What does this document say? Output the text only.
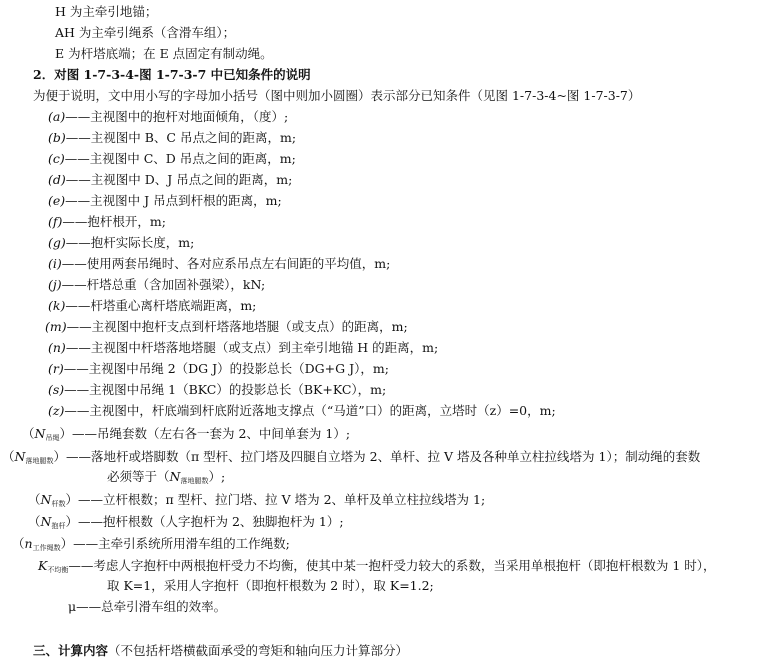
H 为主牵引地锚；
AH 为主牵引绳系（含滑车组）；
E 为杆塔底端；在 E 点固定有制动绳。
2．对图 1-7-3-4-图 1-7-3-7 中已知条件的说明
为便于说明，文中用小写的字母加小括号（图中则加小圆圈）表示部分已知条件（见图 1-7-3-4~图 1-7-3-7）
(a)——主视图中的抱杆对地面倾角，（度）;
(b)——主视图中 B、C 吊点之间的距离，m;
(c)——主视图中 C、D 吊点之间的距离，m;
(d)——主视图中 D、J 吊点之间的距离，m;
(e)——主视图中 J 吊点到杆根的距离，m;
(f)——抱杆根开，m;
(g)——抱杆实际长度，m;
(i)——使用两套吊绳时、各对应系吊点左右间距的平均值，m;
(j)——杆塔总重（含加固补强梁），kN;
(k)——杆塔重心离杆塔底端距离，m;
(m)——主视图中抱杆支点到杆塔落地塔腿（或支点）的距离，m;
(n)——主视图中杆塔落地塔腿（或支点）到主牵引地锚 H 的距离，m;
(r)——主视图中吊绳 2（DG J）的投影总长（DG+G J），m;
(s)——主视图中吊绳 1（BKC）的投影总长（BK+KC），m;
(z)——主视图中，杆底端到杆底附近落地支撑点（“马道”口）的距离，立塔时（z）=0，m;
$(N_{吊绳})——$吊绳套数（左右各一套为 2、中间单套为 1）;
$(N_{落地腿数})——$落地杆或塔脚数（π 型杆、拉门塔及四腿自立塔为 2、单杆、拉 V 塔及各种单立柱拉线塔为 1）；制动绳的套数
必须等于$(N_{落地腿数})$;
$(N_{杆数})——$立杆根数；π 型杆、拉门塔、拉 V 塔为 2、单杆及单立柱拉线塔为 1;
$(N_{抱杆})——$抱杆根数（人字抱杆为 2、独脚抱杆为 1）;
$(n_{工作绳数})——$主牵引系统所用滑车组的工作绳数;
$K_{不均衡}——$考虑人字抱杆中两根抱杆受力不均衡，使其中某一抱杆受力较大的系数，当采用单根抱杆（即抱杆根数为 1 时），
取 K=1，采用人字抱杆（即抱杆根数为 2 时），取 K=1.2;
μ——总牵引滑车组的效率。
三、计算内容（不包括杆塔横截面承受的弯矩和轴向压力计算部分）
